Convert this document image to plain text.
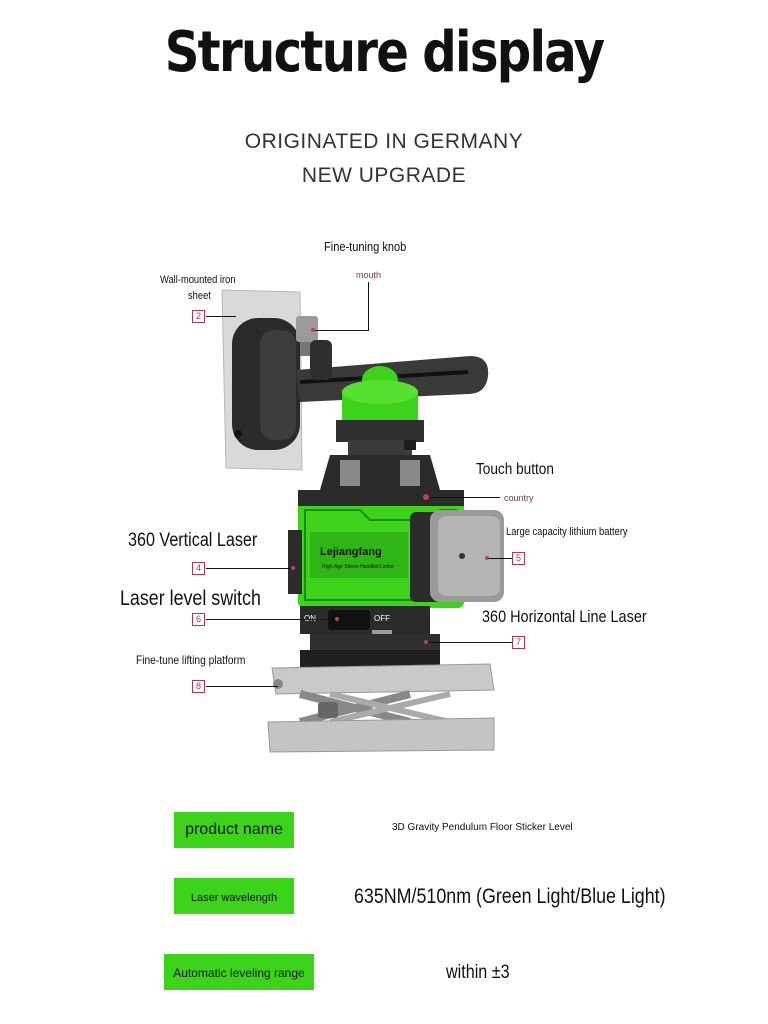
Structure display
ORIGINATED IN GERMANY
NEW UPGRADE
Lejiangfang
High-Age Shiron Handled Limbo
OFF
Fine-tuning knob
mouth
Wall-mounted iron
sheet
2
Touch button
country
360 Vertical Laser
4
Large capacity lithium battery
5
Laser level switch
6	360 Horizontal Line Laser
7
Fine-tune lifting platform
8
product name	3D Gravity Pendulum Floor Sticker Level
Laser wavelength	635NM/510nm (Green Light/Blue Light)
Automatic leveling range	within ±3
